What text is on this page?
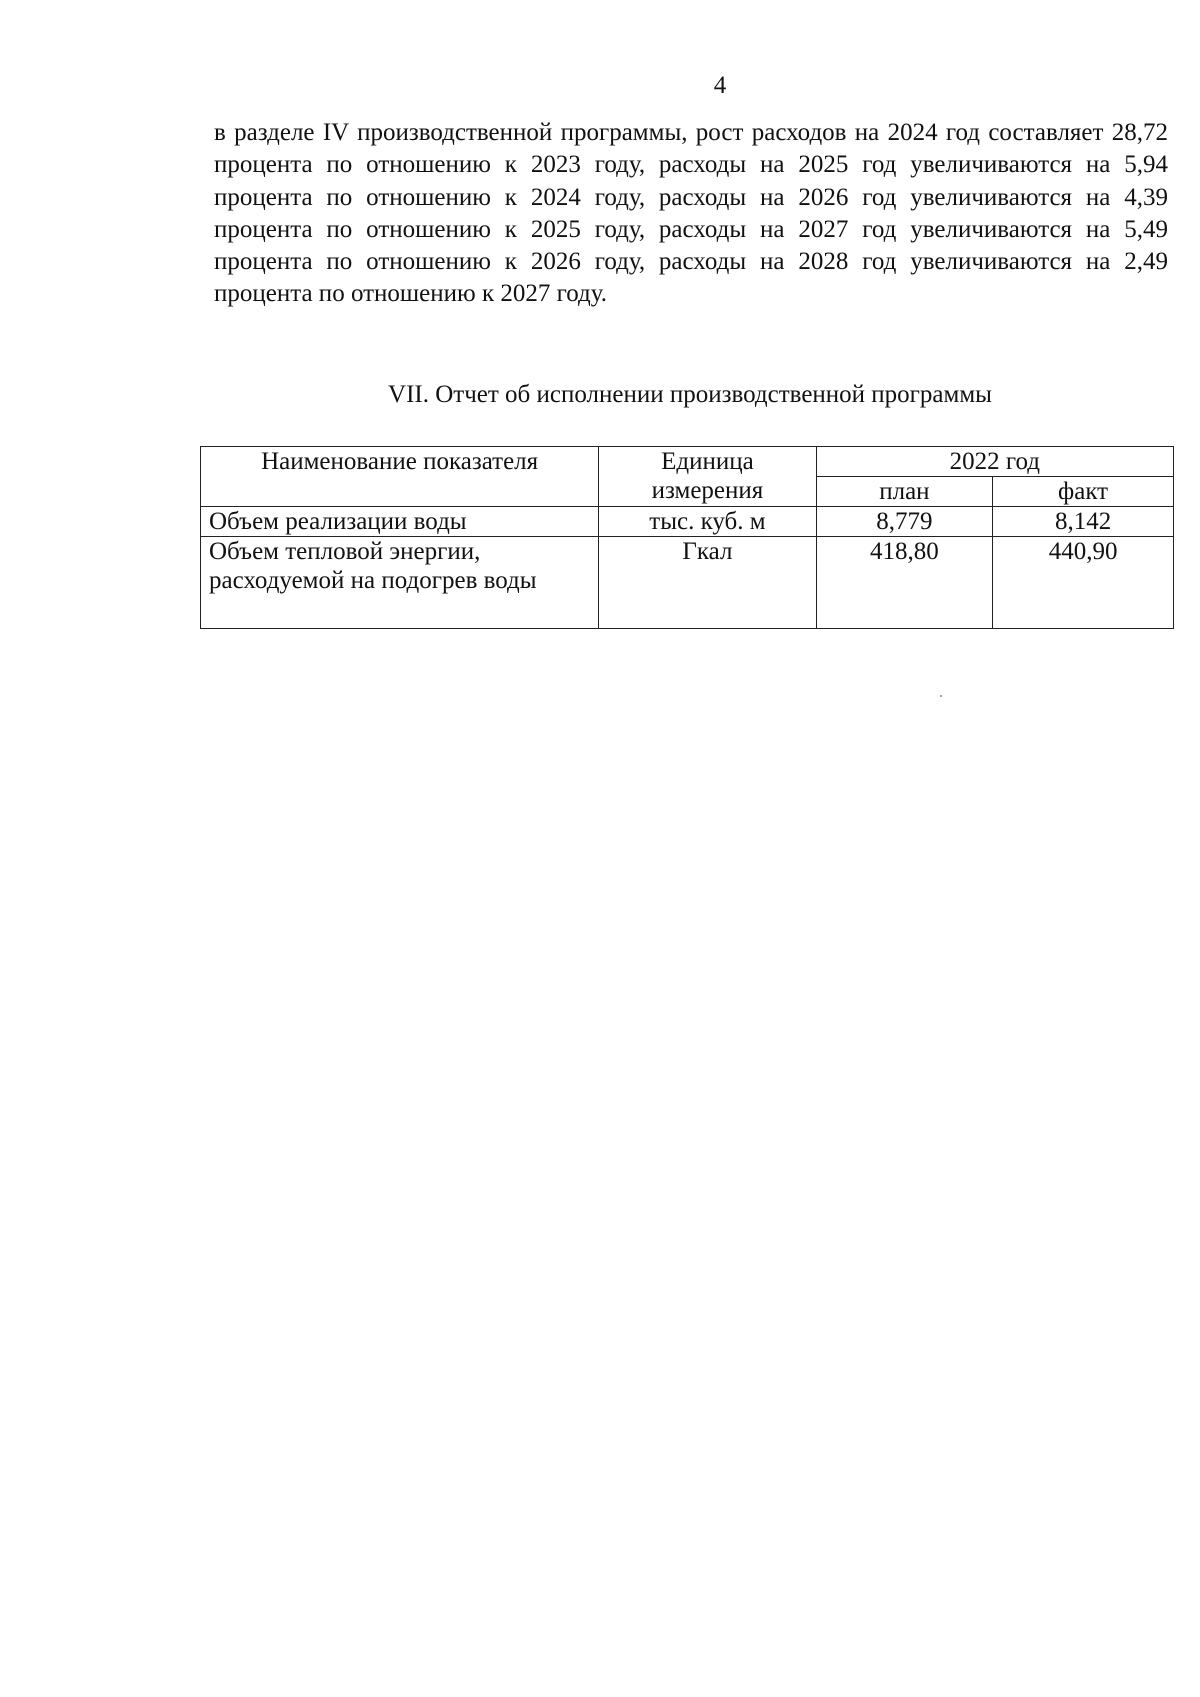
4

в разделе IV производственной программы, рост расходов на 2024 год составляет 28,72 процента по отношению к 2023 году, расходы на 2025 год увеличиваются на 5,94 процента по отношению к 2024 году, расходы на 2026 год увеличиваются на 4,39 процента по отношению к 2025 году, расходы на 2027 год увеличиваются на 5,49 процента по отношению к 2026 году, расходы на 2028 год увеличиваются на 2,49 процента по отношению к 2027 году.

VII. Отчет об исполнении производственной программы
Наименование показателя	Единица измерения	2022 год	
		план	факт
Объем реализации воды	тыс. куб. м	8,779	8,142
Объем тепловой энергии, расходуемой на подогрев воды	Гкал	418,80	440,90
